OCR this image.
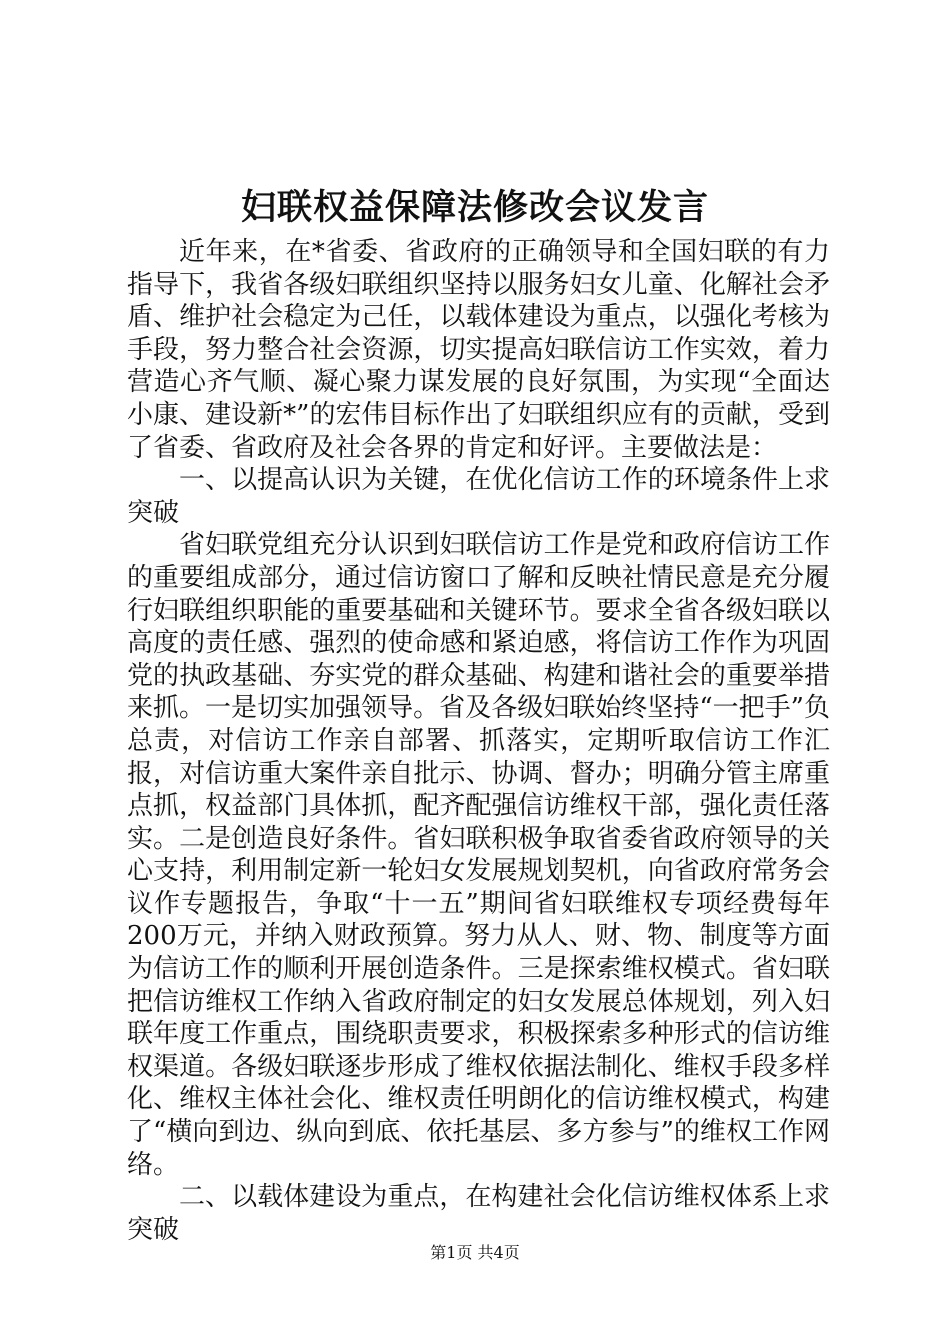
妇联权益保障法修改会议发言

近年来，在*省委、省政府的正确领导和全国妇联的有力指导下，我省各级妇联组织坚持以服务妇女儿童、化解社会矛盾、维护社会稳定为己任，以载体建设为重点，以强化考核为手段，努力整合社会资源，切实提高妇联信访工作实效，着力营造心齐气顺、凝心聚力谋发展的良好氛围，为实现“全面达小康、建设新*”的宏伟目标作出了妇联组织应有的贡献，受到了省委、省政府及社会各界的肯定和好评。主要做法是：

一、以提高认识为关键，在优化信访工作的环境条件上求突破

省妇联党组充分认识到妇联信访工作是党和政府信访工作的重要组成部分，通过信访窗口了解和反映社情民意是充分履行妇联组织职能的重要基础和关键环节。要求全省各级妇联以高度的责任感、强烈的使命感和紧迫感，将信访工作作为巩固党的执政基础、夯实党的群众基础、构建和谐社会的重要举措来抓。一是切实加强领导。省及各级妇联始终坚持“一把手”负总责，对信访工作亲自部署、抓落实，定期听取信访工作汇报，对信访重大案件亲自批示、协调、督办；明确分管主席重点抓，权益部门具体抓，配齐配强信访维权干部，强化责任落实。二是创造良好条件。省妇联积极争取省委省政府领导的关心支持，利用制定新一轮妇女发展规划契机，向省政府常务会议作专题报告，争取“十一五”期间省妇联维权专项经费每年200万元，并纳入财政预算。努力从人、财、物、制度等方面为信访工作的顺利开展创造条件。三是探索维权模式。省妇联把信访维权工作纳入省政府制定的妇女发展总体规划，列入妇联年度工作重点，围绕职责要求，积极探索多种形式的信访维权渠道。各级妇联逐步形成了维权依据法制化、维权手段多样化、维权主体社会化、维权责任明朗化的信访维权模式，构建了“横向到边、纵向到底、依托基层、多方参与”的维权工作网络。

二、以载体建设为重点，在构建社会化信访维权体系上求突破

第1页 共4页
